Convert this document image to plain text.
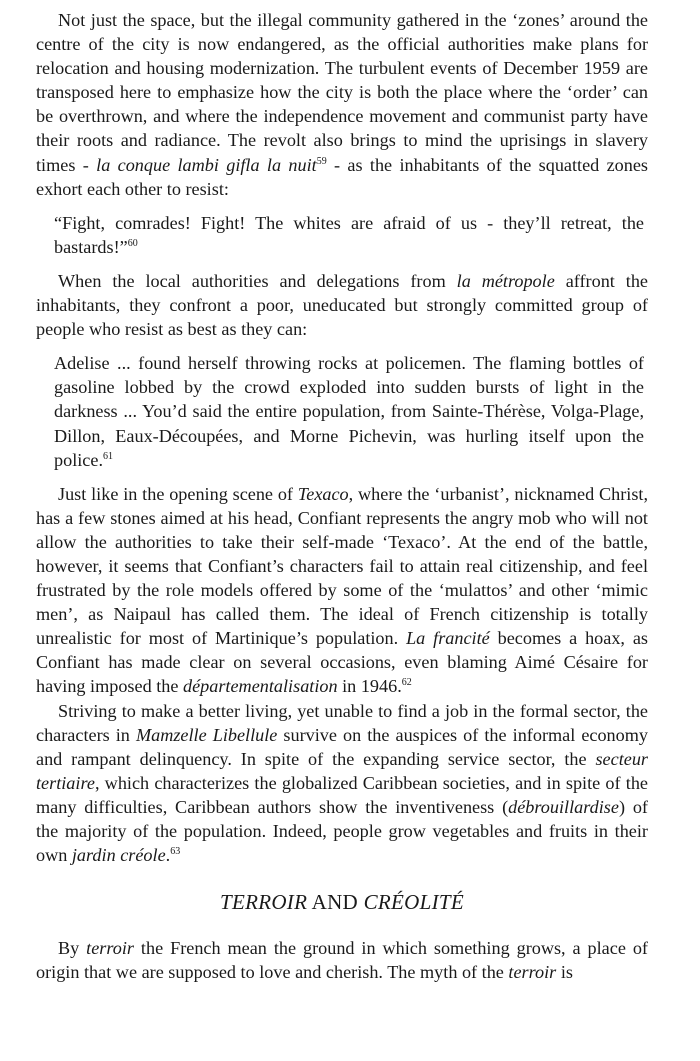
Not just the space, but the illegal community gathered in the ‘zones’ around the centre of the city is now endangered, as the official authorities make plans for relocation and housing modernization. The turbulent events of December 1959 are transposed here to emphasize how the city is both the place where the ‘order’ can be overthrown, and where the independence movement and communist party have their roots and radiance. The revolt also brings to mind the uprisings in slavery times - la conque lambi gifla la nuit$^{59}$ - as the inhabitants of the squatted zones exhort each other to resist:

“Fight, comrades! Fight! The whites are afraid of us - they’ll retreat, the bastards!”$^{60}$

When the local authorities and delegations from la métropole affront the inhabitants, they confront a poor, uneducated but strongly committed group of people who resist as best as they can:

Adelise ... found herself throwing rocks at policemen. The flaming bottles of gasoline lobbed by the crowd exploded into sudden bursts of light in the darkness ... You’d said the entire population, from Sainte-Thérèse, Volga-Plage, Dillon, Eaux-Découpées, and Morne Pichevin, was hurling itself upon the police.$^{61}$

Just like in the opening scene of Texaco, where the ‘urbanist’, nicknamed Christ, has a few stones aimed at his head, Confiant represents the angry mob who will not allow the authorities to take their self-made ‘Texaco’. At the end of the battle, however, it seems that Confiant’s characters fail to attain real citizenship, and feel frustrated by the role models offered by some of the ‘mulattos’ and other ‘mimic men’, as Naipaul has called them. The ideal of French citizenship is totally unrealistic for most of Martinique’s population. La francité becomes a hoax, as Confiant has made clear on several occasions, even blaming Aimé Césaire for having imposed the départementalisation in 1946.62

Striving to make a better living, yet unable to find a job in the formal sector, the characters in Mamzelle Libellule survive on the auspices of the informal economy and rampant delinquency. In spite of the expanding service sector, the secteur tertiaire, which characterizes the globalized Caribbean societies, and in spite of the many difficulties, Caribbean authors show the inventiveness (débrouillardise) of the majority of the population. Indeed, people grow vegetables and fruits in their own jardin créole.$^{63}$

TERROIR AND CRÉOLITÉ

By terroir the French mean the ground in which something grows, a place of origin that we are supposed to love and cherish. The myth of the terroir is
